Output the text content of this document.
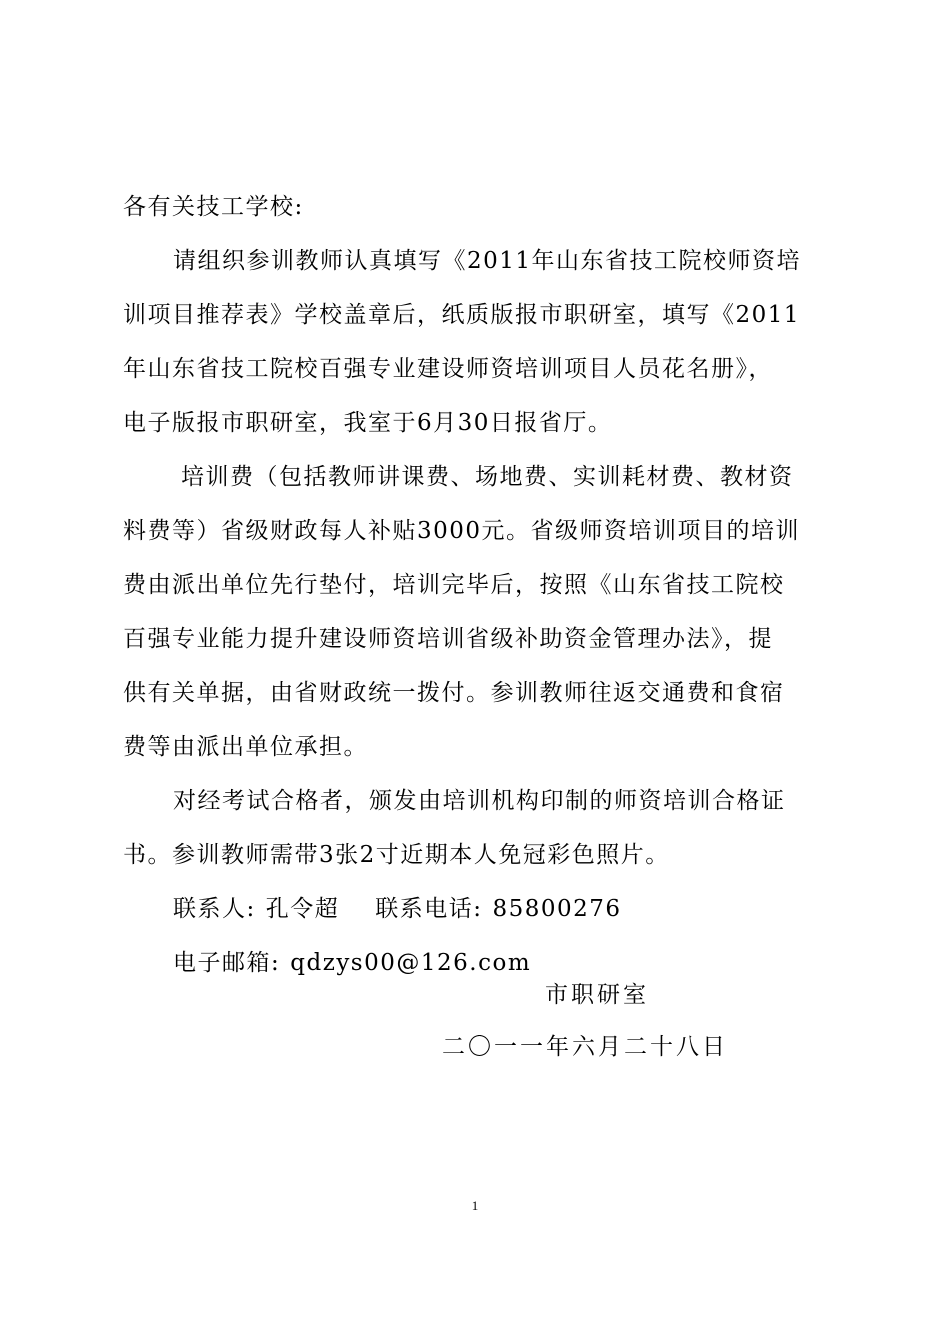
各有关技工学校:
请组织参训教师认真填写《2011年山东省技工院校师资培
训项目推荐表》学校盖章后，纸质版报市职研室，填写《2011
年山东省技工院校百强专业建设师资培训项目人员花名册》，
电子版报市职研室，我室于6月30日报省厅。
培训费（包括教师讲课费、场地费、实训耗材费、教材资
料费等）省级财政每人补贴3000元。省级师资培训项目的培训
费由派出单位先行垫付，培训完毕后，按照《山东省技工院校
百强专业能力提升建设师资培训省级补助资金管理办法》，提
供有关单据，由省财政统一拨付。参训教师往返交通费和食宿
费等由派出单位承担。
对经考试合格者，颁发由培训机构印制的师资培训合格证
书。参训教师需带3张2寸近期本人免冠彩色照片。
联系人: 孔令超 联系电话: 85800276
电子邮箱: qdzys00@126.com
市职研室
二〇一一年六月二十八日
1
